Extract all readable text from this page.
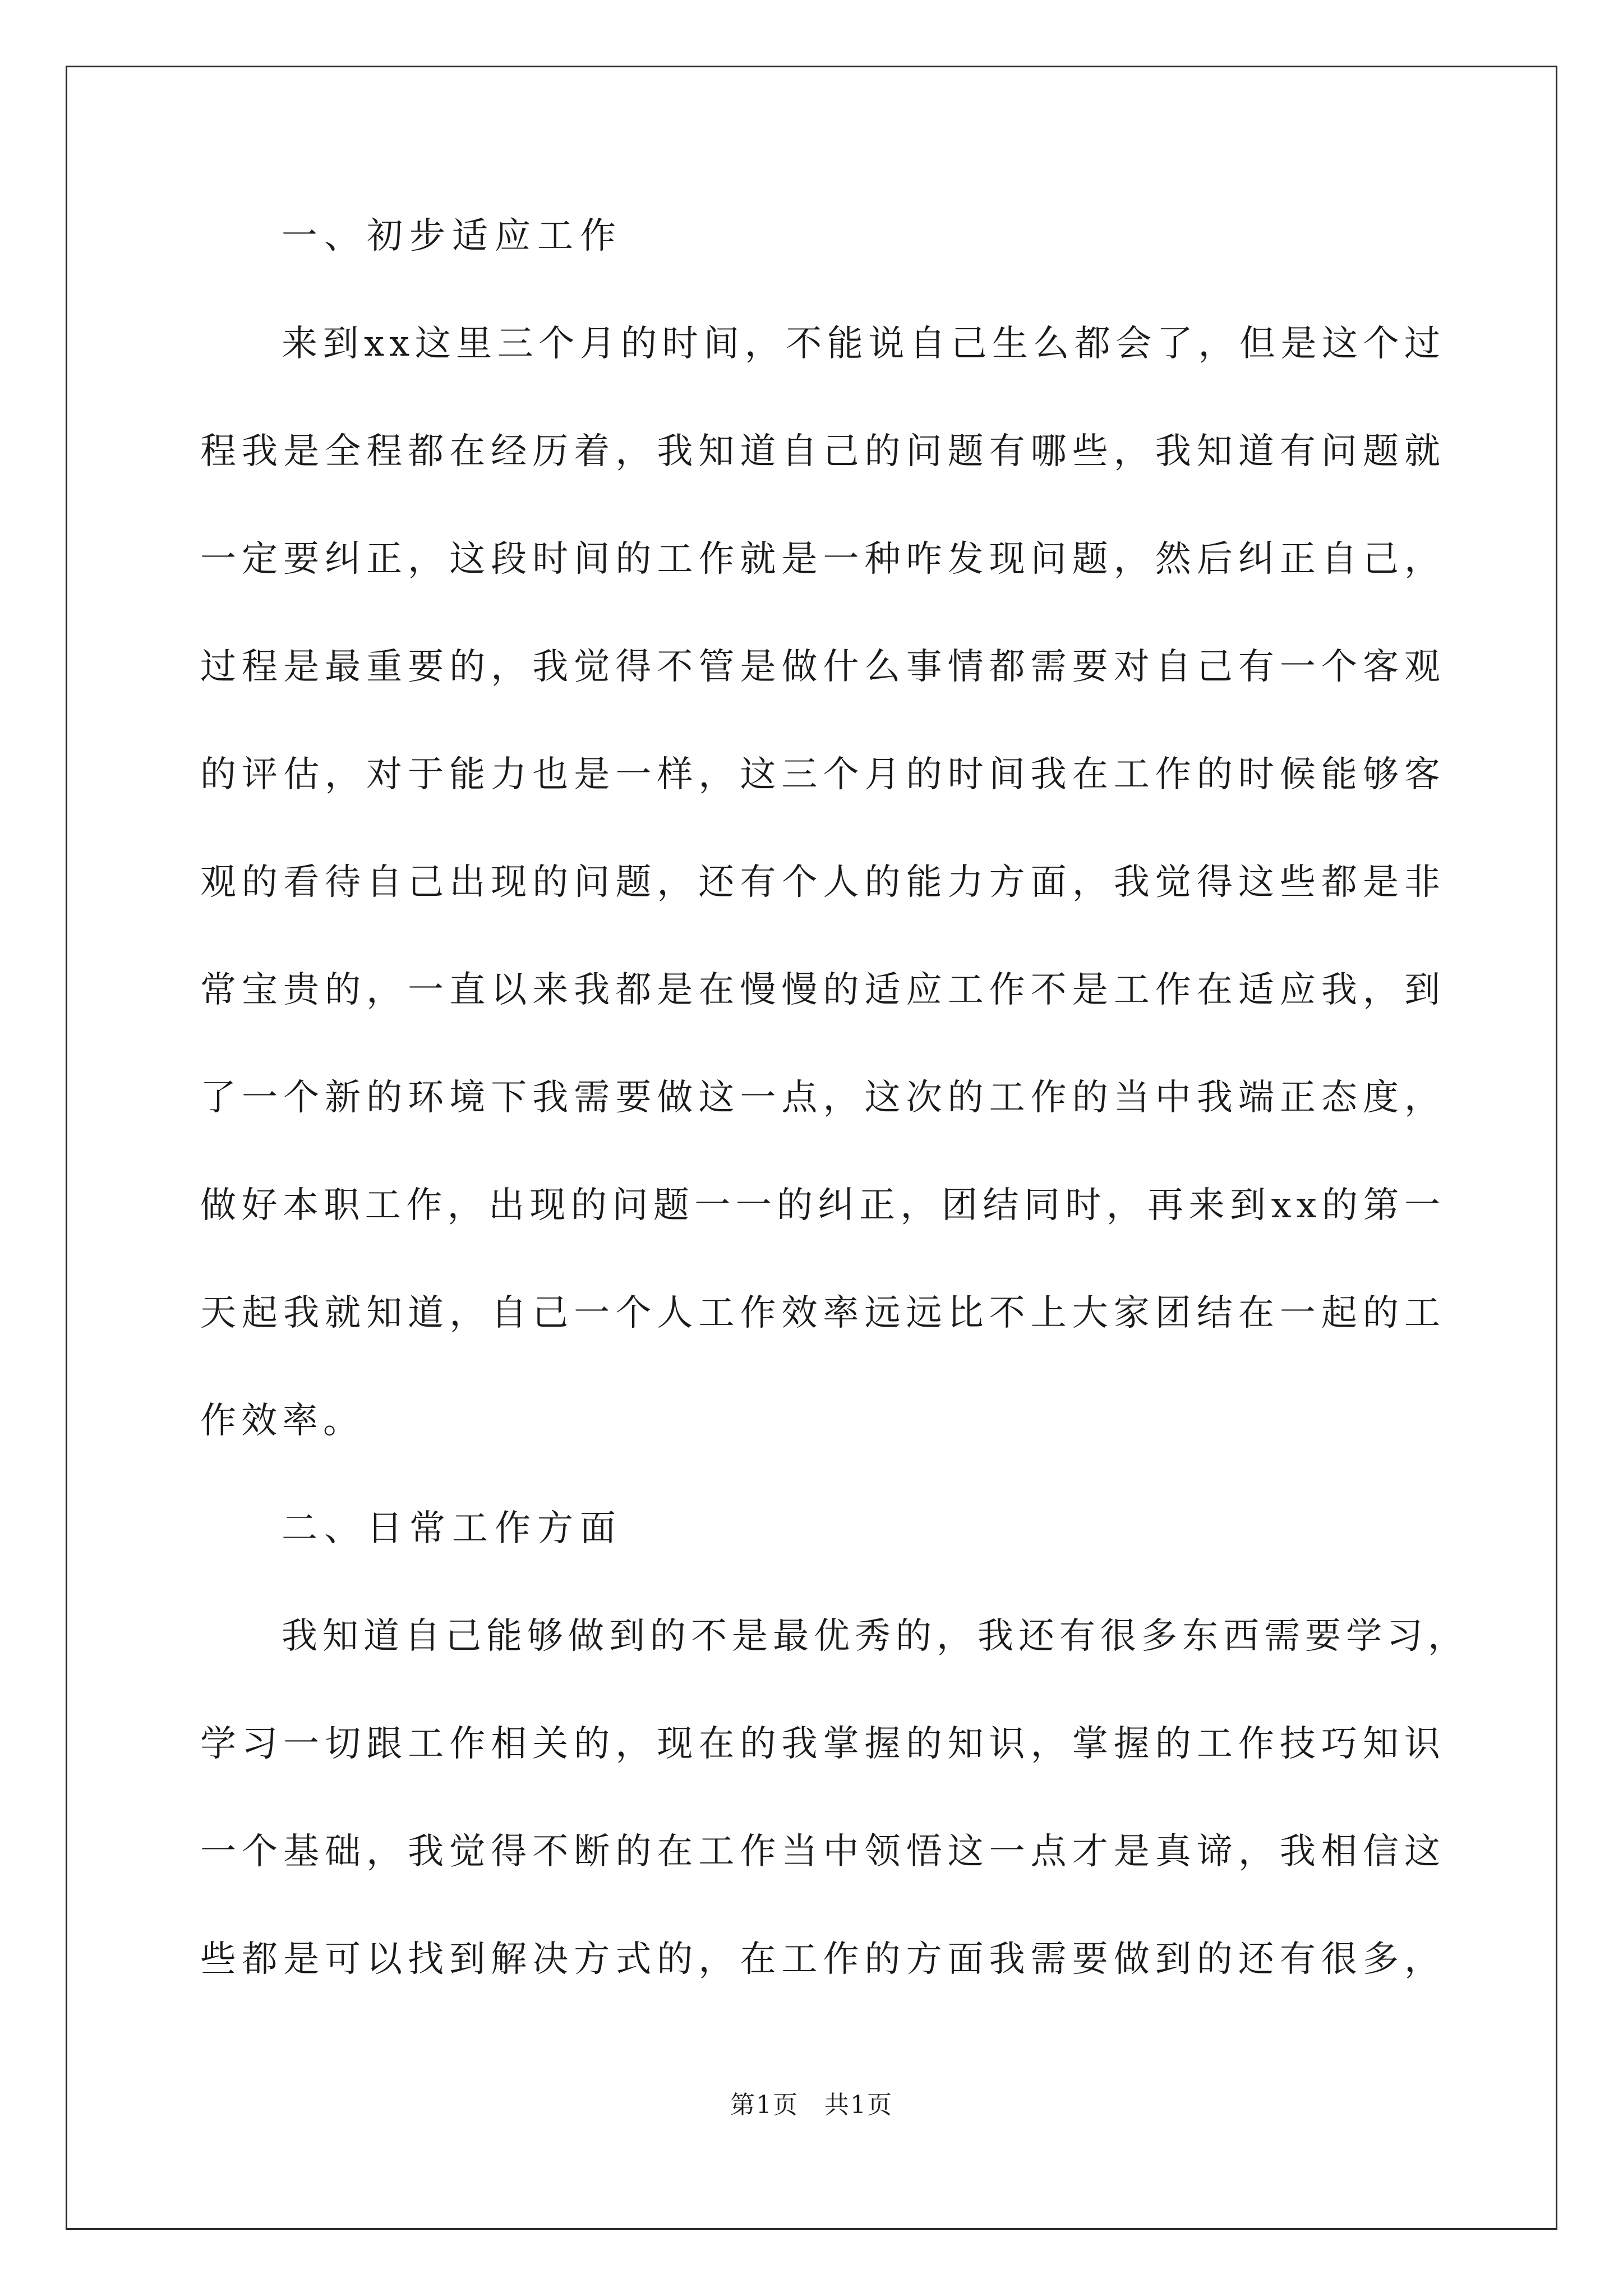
一、初步适应工作
来到xx这里三个月的时间，不能说自己生么都会了，但是这个过
程我是全程都在经历着，我知道自己的问题有哪些，我知道有问题就
一定要纠正，这段时间的工作就是一种咋发现问题，然后纠正自己，
过程是最重要的，我觉得不管是做什么事情都需要对自己有一个客观
的评估，对于能力也是一样，这三个月的时间我在工作的时候能够客
观的看待自己出现的问题，还有个人的能力方面，我觉得这些都是非
常宝贵的，一直以来我都是在慢慢的适应工作不是工作在适应我，到
了一个新的环境下我需要做这一点，这次的工作的当中我端正态度，
做好本职工作，出现的问题一一的纠正，团结同时，再来到xx的第一
天起我就知道，自己一个人工作效率远远比不上大家团结在一起的工
作效率。
二、日常工作方面
我知道自己能够做到的不是最优秀的，我还有很多东西需要学习，
学习一切跟工作相关的，现在的我掌握的知识，掌握的工作技巧知识
一个基础，我觉得不断的在工作当中领悟这一点才是真谛，我相信这
些都是可以找到解决方式的，在工作的方面我需要做到的还有很多，
第1页 共1页
